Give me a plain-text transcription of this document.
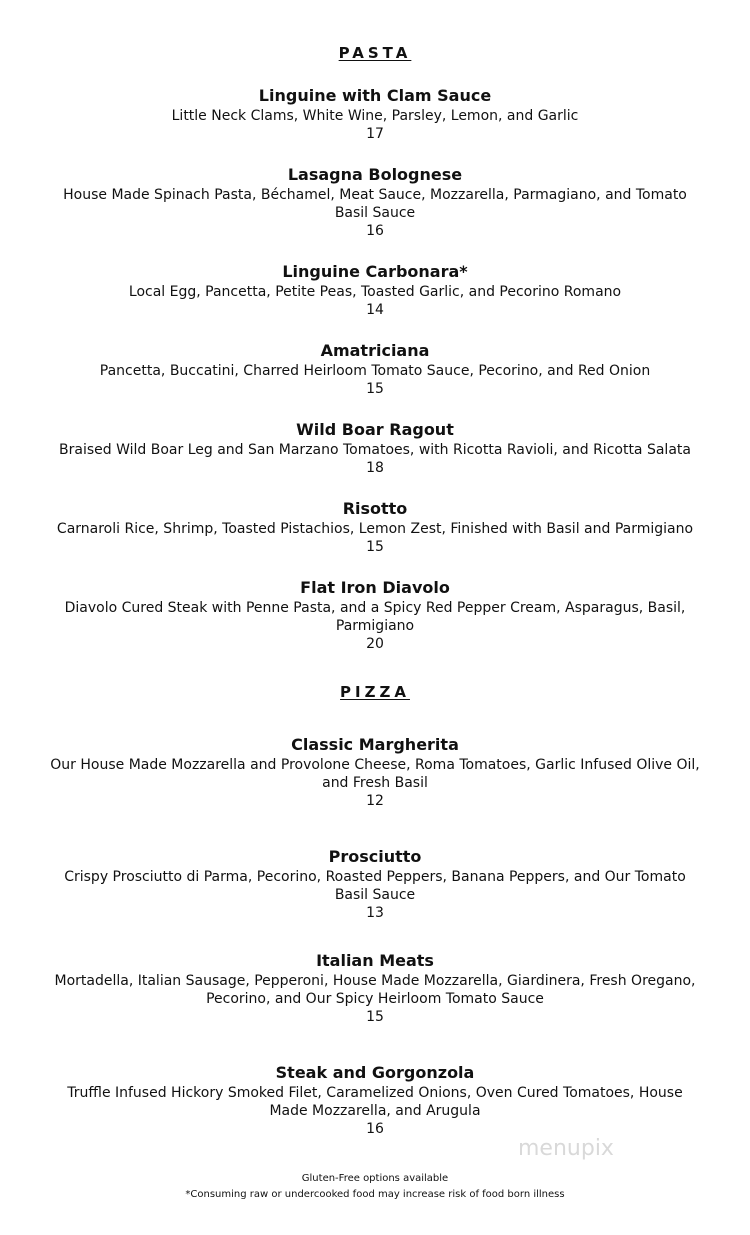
PASTA
Linguine with Clam Sauce
Little Neck Clams, White Wine, Parsley, Lemon, and Garlic
17
Lasagna Bolognese
House Made Spinach Pasta, Béchamel, Meat Sauce, Mozzarella, Parmagiano, and Tomato Basil Sauce
16
Linguine Carbonara*
Local Egg, Pancetta, Petite Peas, Toasted Garlic, and Pecorino Romano
14
Amatriciana
Pancetta, Buccatini, Charred Heirloom Tomato Sauce, Pecorino, and Red Onion
15
Wild Boar Ragout
Braised Wild Boar Leg and San Marzano Tomatoes, with Ricotta Ravioli, and Ricotta Salata
18
Risotto
Carnaroli Rice, Shrimp, Toasted Pistachios, Lemon Zest, Finished with Basil and Parmigiano
15
Flat Iron Diavolo
Diavolo Cured Steak with Penne Pasta, and a Spicy Red Pepper Cream, Asparagus, Basil, Parmigiano
20
PIZZA
Classic Margherita
Our House Made Mozzarella and Provolone Cheese, Roma Tomatoes, Garlic Infused Olive Oil, and Fresh Basil
12
Prosciutto
Crispy Prosciutto di Parma, Pecorino, Roasted Peppers, Banana Peppers, and Our Tomato Basil Sauce
13
Italian Meats
Mortadella, Italian Sausage, Pepperoni, House Made Mozzarella, Giardinera, Fresh Oregano, Pecorino, and Our Spicy Heirloom Tomato Sauce
15
Steak and Gorgonzola
Truffle Infused Hickory Smoked Filet, Caramelized Onions, Oven Cured Tomatoes, House Made Mozzarella, and Arugula
16
menupix
Gluten-Free options available
*Consuming raw or undercooked food may increase risk of food born illness
